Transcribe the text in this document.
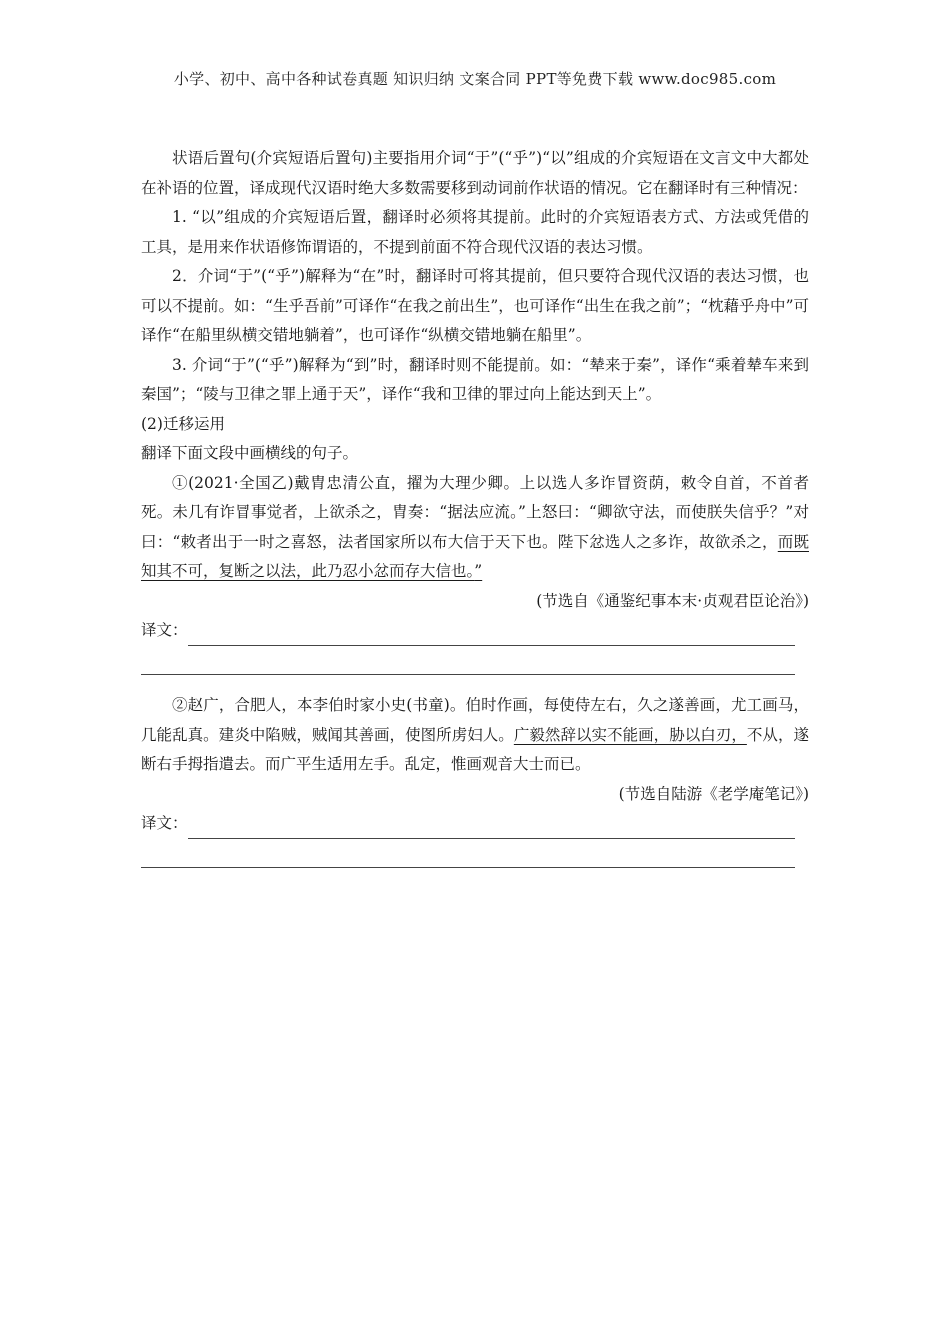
小学、初中、高中各种试卷真题 知识归纳 文案合同 PPT等免费下载 www.doc985.com

状语后置句(介宾短语后置句)主要指用介词“于”(“乎”)“以”组成的介宾短语在文言文中大都处在补语的位置，译成现代汉语时绝大多数需要移到动词前作状语的情况。它在翻译时有三种情况：

1. “以”组成的介宾短语后置，翻译时必须将其提前。此时的介宾短语表方式、方法或凭借的工具，是用来作状语修饰谓语的，不提到前面不符合现代汉语的表达习惯。

2．介词“于”(“乎”)解释为“在”时，翻译时可将其提前，但只要符合现代汉语的表达习惯，也可以不提前。如：“生乎吾前”可译作“在我之前出生”，也可译作“出生在我之前”；“枕藉乎舟中”可译作“在船里纵横交错地躺着”，也可译作“纵横交错地躺在船里”。

3. 介词“于”(“乎”)解释为“到”时，翻译时则不能提前。如：“辇来于秦”，译作“乘着辇车来到秦国”；“陵与卫律之罪上通于天”，译作“我和卫律的罪过向上能达到天上”。

(2)迁移运用

翻译下面文段中画横线的句子。

①(2021·全国乙)戴胄忠清公直，擢为大理少卿。上以选人多诈冒资荫，敕令自首，不首者死。未几有诈冒事觉者，上欲杀之，胄奏：“据法应流。”上怒曰：“卿欲守法，而使朕失信乎？”对曰：“敕者出于一时之喜怒，法者国家所以布大信于天下也。陛下忿选人之多诈，故欲杀之，而既知其不可，复断之以法，此乃忍小忿而存大信也。”

(节选自《通鉴纪事本末·贞观君臣论治》)

译文：

②赵广，合肥人，本李伯时家小史(书童)。伯时作画，每使侍左右，久之遂善画，尤工画马，几能乱真。建炎中陷贼，贼闻其善画，使图所虏妇人。广毅然辞以实不能画，胁以白刃，不从，遂断右手拇指遣去。而广平生适用左手。乱定，惟画观音大士而已。

(节选自陆游《老学庵笔记》)

译文：
